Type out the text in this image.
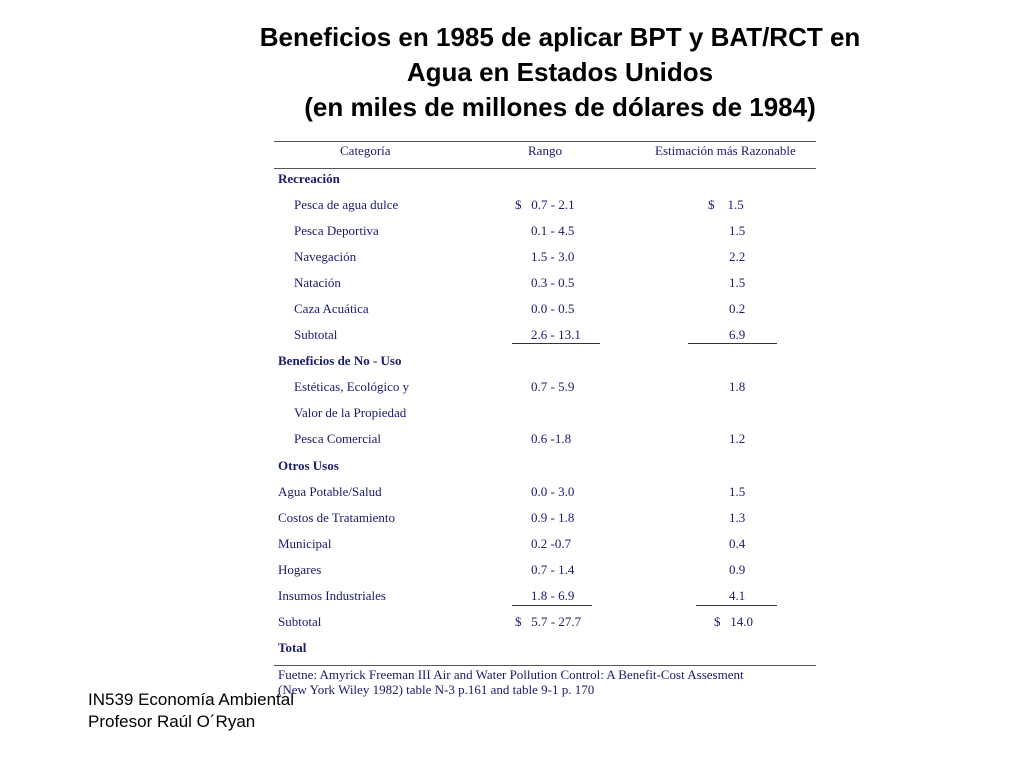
Beneficios en 1985 de aplicar BPT y BAT/RCT en
Agua en Estados Unidos
(en miles de millones de dólares de 1984)
Categoría	Rango	Estimación más Razonable
Recreación
Pesca de agua dulce	$   0.7 - 2.1	$    1.5
Pesca Deportiva	0.1 - 4.5	1.5
Navegación	1.5 - 3.0	2.2
Natación	0.3 - 0.5	1.5
Caza Acuática	0.0 - 0.5	0.2
Subtotal	2.6 - 13.1	6.9
Beneficios de No - Uso
Estéticas, Ecológico y	0.7 - 5.9	1.8
Valor de la Propiedad
Pesca Comercial	0.6 -1.8	1.2
Otros Usos
Agua Potable/Salud	0.0 - 3.0	1.5
Costos de Tratamiento	0.9 - 1.8	1.3
Municipal	0.2 -0.7	0.4
Hogares	0.7 - 1.4	0.9
Insumos Industriales	1.8 - 6.9	4.1
Subtotal	$   5.7 - 27.7	$   14.0
Total
Fuetne: Amyrick Freeman III Air and Water Pollution Control: A Benefit-Cost Assesment
(New York Wiley 1982) table N-3 p.161 and table 9-1 p. 170
IN539 Economía Ambiental
Profesor Raúl O´Ryan
